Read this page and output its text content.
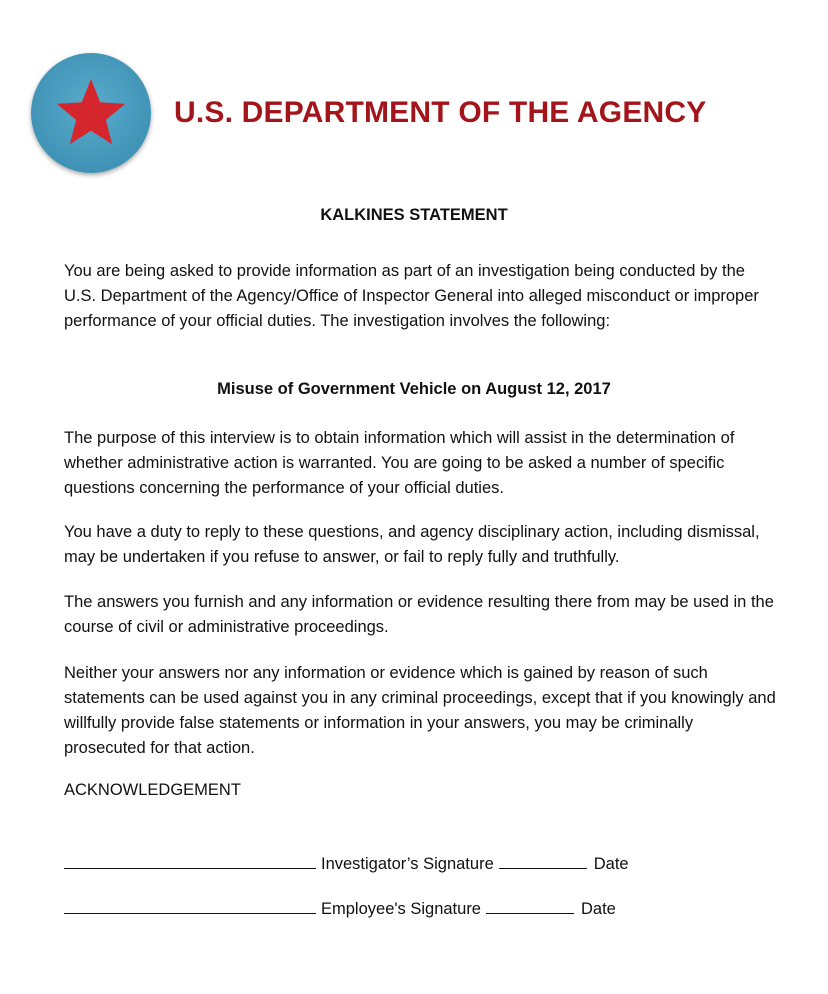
U.S. DEPARTMENT OF THE AGENCY
KALKINES STATEMENT

You are being asked to provide information as part of an investigation being conducted by the U.S. Department of the Agency/Office of Inspector General into alleged misconduct or improper performance of your official duties. The investigation involves the following:

Misuse of Government Vehicle on August 12, 2017

The purpose of this interview is to obtain information which will assist in the determination of whether administrative action is warranted. You are going to be asked a number of specific questions concerning the performance of your official duties.

You have a duty to reply to these questions, and agency disciplinary action, including dismissal, may be undertaken if you refuse to answer, or fail to reply fully and truthfully.

The answers you furnish and any information or evidence resulting there from may be used in the course of civil or administrative proceedings.

Neither your answers nor any information or evidence which is gained by reason of such statements can be used against you in any criminal proceedings, except that if you knowingly and willfully provide false statements or information in your answers, you may be criminally prosecuted for that action.

ACKNOWLEDGEMENT
Investigator’s Signature	Date
Employee's Signature	Date
